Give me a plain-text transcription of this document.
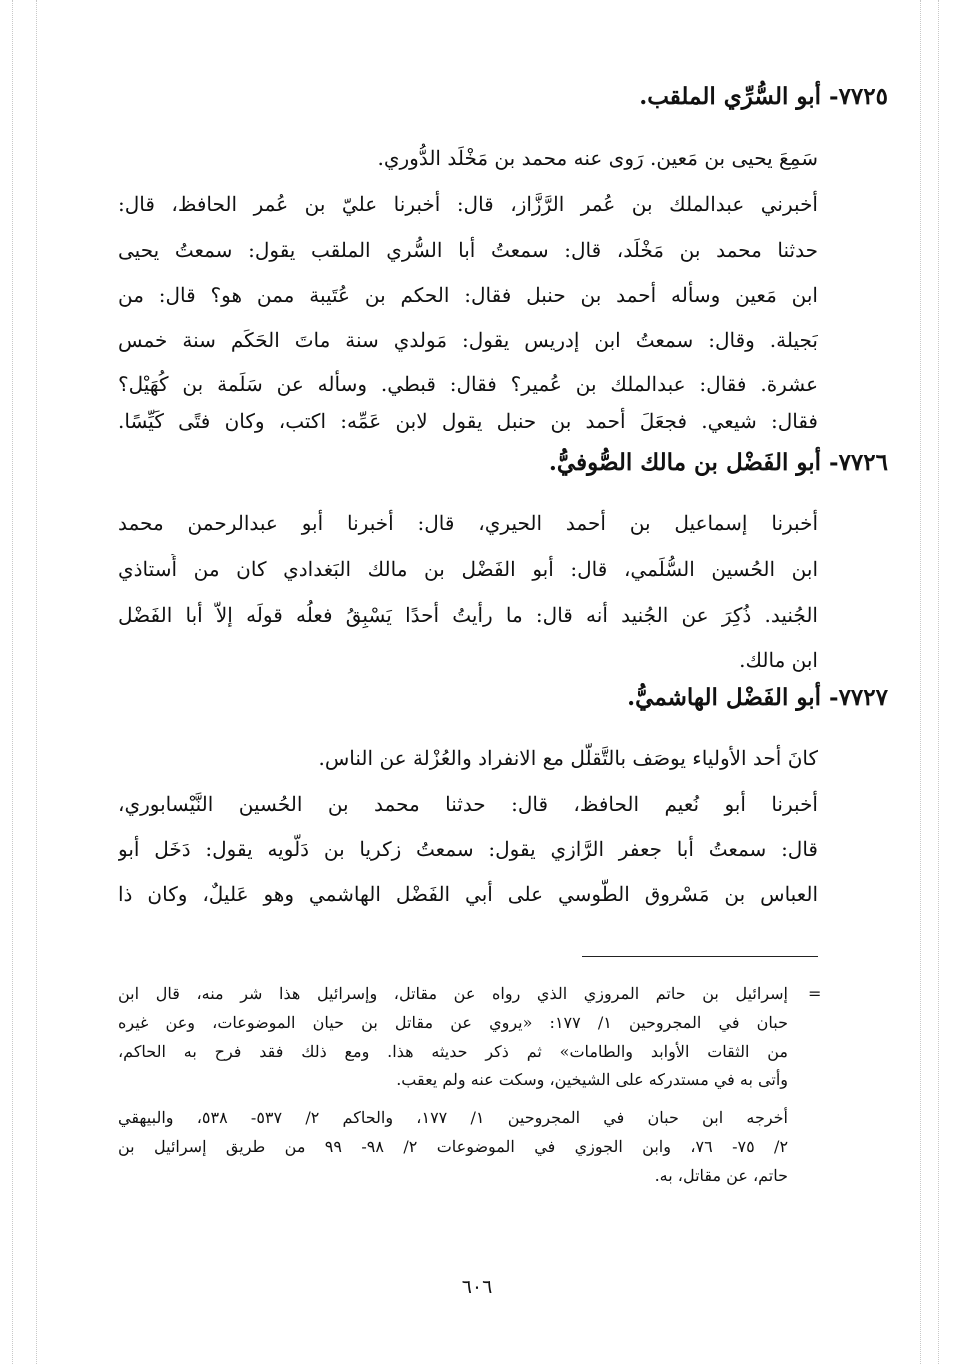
٧٧٢٥- أبو السُّرِّي الملقب.
سَمِعَ يحيى بن مَعين. رَوى عنه محمد بن مَخْلَد الدُّوري.
أخبرني عبدالملك بن عُمر الرَّزَّاز، قال: أخبرنا عليّ بن عُمر الحافظ، قال:
حدثنا محمد بن مَخْلَد، قال: سمعتُ أبا السُّري الملقب يقول: سمعتُ يحيى
ابن مَعين وسأله أحمد بن حنبل فقال: الحكم بن عُتَيبة ممن هو؟ قال: من
بَجيلة. وقال: سمعتُ ابن إدريس يقول: مَولدي سنة ماتَ الحَكَم سنة خمس
عشرة. فقال: عبدالملك بن عُمير؟ فقال: قبطي. وسأله عن سَلَمة بن كُهَيْل؟
فقال: شيعي. فجعَلَ أحمد بن حنبل يقول لابن عَمِّه: اكتب، وكان فتًى كَيِّسًا.
٧٧٢٦- أبو الفَضْل بن مالك الصُّوفيُّ.
أخبرنا إسماعيل بن أحمد الحيري، قال: أخبرنا أبو عبدالرحمن محمد
ابن الحُسين السُّلَمي، قال: أبو الفَضْل بن مالك البَغدادي كان من أُستاذي
الجُنيد. ذُكِرَ عن الجُنيد أنه قال: ما رأيتُ أحدًا يَسْبِقُ فعلُه قولَه إلاّ أبا الفَضْل
ابن مالك.
٧٧٢٧- أبو الفَضْل الهاشميُّ.
كانَ أحد الأولياء يوصَف بالتَّقلُّل مع الانفراد والعُزْلة عن الناس.
أخبرنا أبو نُعيم الحافظ، قال: حدثنا محمد بن الحُسين النَّيْسابوري،
قال: سمعتُ أبا جعفر الرَّازي يقول: سمعتُ زكريا بن دَلُّويه يقول: دَخَل أبو
العباس بن مَسْروق الطُّوسي على أبي الفَضْل الهاشمي وهو عَليلٌ، وكان ذا
=
إسرائيل بن حاتم المروزي الذي رواه عن مقاتل، وإسرائيل هذا شر منه، قال ابن
حبان في المجروحين ١/ ١٧٧: «يروي عن مقاتل بن حيان الموضوعات، وعن غيره
من الثقات الأوابد والطامات» ثم ذكر حديثه هذا. ومع ذلك فقد فرح به الحاكم،
وأتى به في مستدركه على الشيخين، وسكت عنه ولم يعقب.
أخرجه ابن حبان في المجروحين ١/ ١٧٧، والحاكم ٢/ ٥٣٧- ٥٣٨، والبيهقي
٢/ ٧٥- ٧٦، وابن الجوزي في الموضوعات ٢/ ٩٨- ٩٩ من طريق إسرائيل بن
حاتم، عن مقاتل، به.
٦٠٦
